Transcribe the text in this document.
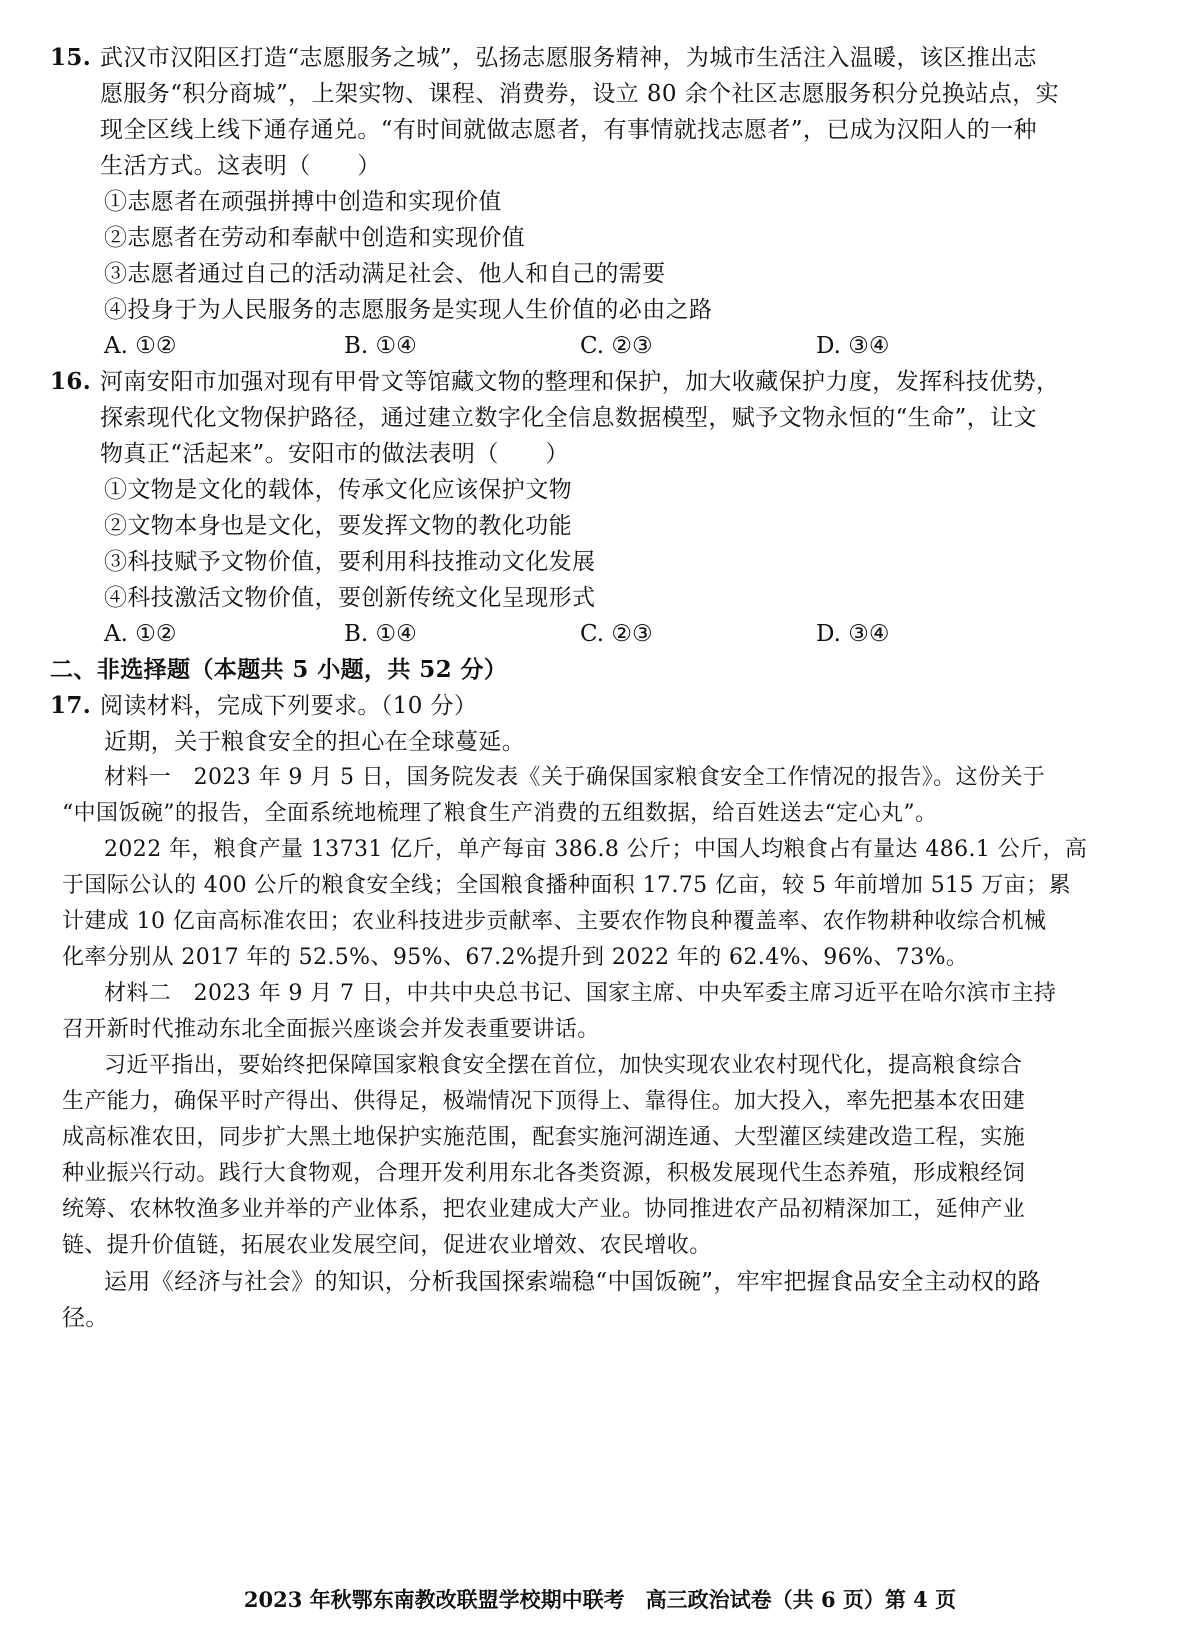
15. 武汉市汉阳区打造“志愿服务之城”，弘扬志愿服务精神，为城市生活注入温暖，该区推出志
愿服务“积分商城”，上架实物、课程、消费券，设立 80 余个社区志愿服务积分兑换站点，实
现全区线上线下通存通兑。“有时间就做志愿者，有事情就找志愿者”，已成为汉阳人的一种
生活方式。这表明（　　）
①志愿者在顽强拼搏中创造和实现价值
②志愿者在劳动和奉献中创造和实现价值
③志愿者通过自己的活动满足社会、他人和自己的需要
④投身于为人民服务的志愿服务是实现人生价值的必由之路
A. ①②	B. ①④	C. ②③	D. ③④
16. 河南安阳市加强对现有甲骨文等馆藏文物的整理和保护，加大收藏保护力度，发挥科技优势，
探索现代化文物保护路径，通过建立数字化全信息数据模型，赋予文物永恒的“生命”，让文
物真正“活起来”。安阳市的做法表明（　　）
①文物是文化的载体，传承文化应该保护文物
②文物本身也是文化，要发挥文物的教化功能
③科技赋予文物价值，要利用科技推动文化发展
④科技激活文物价值，要创新传统文化呈现形式
A. ①②	B. ①④	C. ②③	D. ③④
二、非选择题（本题共 5 小题，共 52 分）
17. 阅读材料，完成下列要求。（10 分）
近期，关于粮食安全的担心在全球蔓延。
材料一　2023 年 9 月 5 日，国务院发表《关于确保国家粮食安全工作情况的报告》。这份关于
“中国饭碗”的报告，全面系统地梳理了粮食生产消费的五组数据，给百姓送去“定心丸”。
2022 年，粮食产量 13731 亿斤，单产每亩 386.8 公斤；中国人均粮食占有量达 486.1 公斤，高
于国际公认的 400 公斤的粮食安全线；全国粮食播种面积 17.75 亿亩，较 5 年前增加 515 万亩；累
计建成 10 亿亩高标准农田；农业科技进步贡献率、主要农作物良种覆盖率、农作物耕种收综合机械
化率分别从 2017 年的 52.5%、95%、67.2%提升到 2022 年的 62.4%、96%、73%。
材料二　2023 年 9 月 7 日，中共中央总书记、国家主席、中央军委主席习近平在哈尔滨市主持
召开新时代推动东北全面振兴座谈会并发表重要讲话。
习近平指出，要始终把保障国家粮食安全摆在首位，加快实现农业农村现代化，提高粮食综合
生产能力，确保平时产得出、供得足，极端情况下顶得上、靠得住。加大投入，率先把基本农田建
成高标准农田，同步扩大黑土地保护实施范围，配套实施河湖连通、大型灌区续建改造工程，实施
种业振兴行动。践行大食物观，合理开发利用东北各类资源，积极发展现代生态养殖，形成粮经饲
统筹、农林牧渔多业并举的产业体系，把农业建成大产业。协同推进农产品初精深加工，延伸产业
链、提升价值链，拓展农业发展空间，促进农业增效、农民增收。
运用《经济与社会》的知识，分析我国探索端稳“中国饭碗”，牢牢把握食品安全主动权的路
径。
2023 年秋鄂东南教改联盟学校期中联考　高三政治试卷（共 6 页）第 4 页
